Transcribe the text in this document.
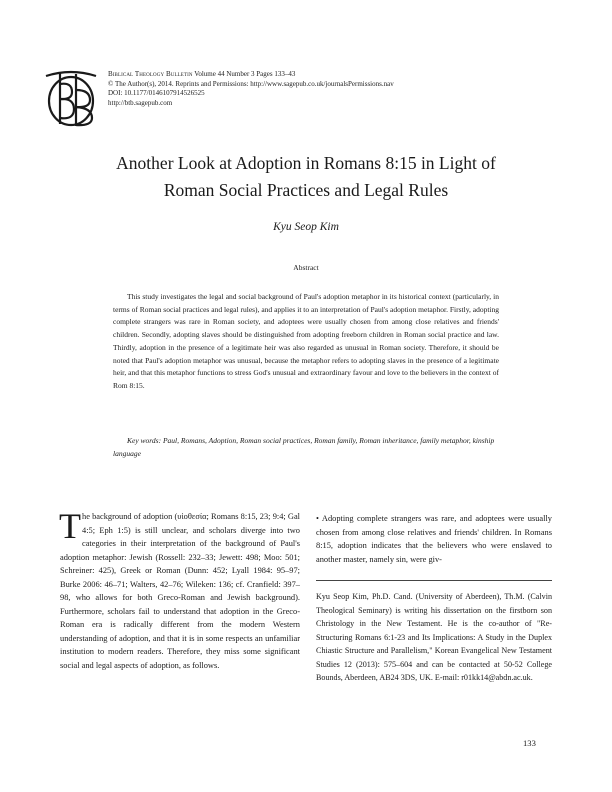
Biblical Theology Bulletin Volume 44 Number 3 Pages 133–43
© The Author(s), 2014. Reprints and Permissions: http://www.sagepub.co.uk/journalsPermissions.nav
DOI: 10.1177/0146107914526525
http://btb.sagepub.com
Another Look at Adoption in Romans 8:15 in Light of
Roman Social Practices and Legal Rules
Kyu Seop Kim
Abstract

This study investigates the legal and social background of Paul's adoption metaphor in its historical context (particularly, in terms of Roman social practices and legal rules), and applies it to an interpretation of Paul's adoption metaphor. Firstly, adopting complete strangers was rare in Roman society, and adoptees were usually chosen from among close relatives and friends' children. Secondly, adopting slaves should be distinguished from adopting freeborn children in Roman social practice and law. Thirdly, adoption in the presence of a legitimate heir was also regarded as unusual in Roman society. Therefore, it should be noted that Paul's adoption metaphor was unusual, because the metaphor refers to adopting slaves in the presence of a legitimate heir, and that this metaphor functions to stress God's unusual and extraordinary favour and love to the believers in the context of Rom 8:15.

Key words: Paul, Romans, Adoption, Roman social practices, Roman family, Roman inheritance, family metaphor, kinship language

The background of adoption (υἱοθεσία; Romans 8:15, 23; 9:4; Gal 4:5; Eph 1:5) is still unclear, and scholars diverge into two categories in their interpretation of the background of Paul's adoption metaphor: Jewish (Rossell: 232–33; Jewett: 498; Moo: 501; Schreiner: 425), Greek or Roman (Dunn: 452; Lyall 1984: 95–97; Burke 2006: 46–71; Walters, 42–76; Wileken: 136; cf. Cranfield: 397–98, who allows for both Greco-Roman and Jewish background). Furthermore, scholars fail to understand that adoption in the Greco-Roman era is radically different from the modern Western understanding of adoption, and that it is in some respects an unfamiliar institution to modern readers. Therefore, they miss some significant social and legal aspects of adoption, as follows.

• Adopting complete strangers was rare, and adoptees were usually chosen from among close relatives and friends' children. In Romans 8:15, adoption indicates that the believers who were enslaved to another master, namely sin, were giv-

Kyu Seop Kim, Ph.D. Cand. (University of Aberdeen), Th.M. (Calvin Theological Seminary) is writing his dissertation on the firstborn son Christology in the New Testament. He is the co-author of "Re-Structuring Romans 6:1-23 and Its Implications: A Study in the Duplex Chiastic Structure and Parallelism," Korean Evangelical New Testament Studies 12 (2013): 575–604 and can be contacted at 50-52 College Bounds, Aberdeen, AB24 3DS, UK. E-mail: r01kk14@abdn.ac.uk.

133
